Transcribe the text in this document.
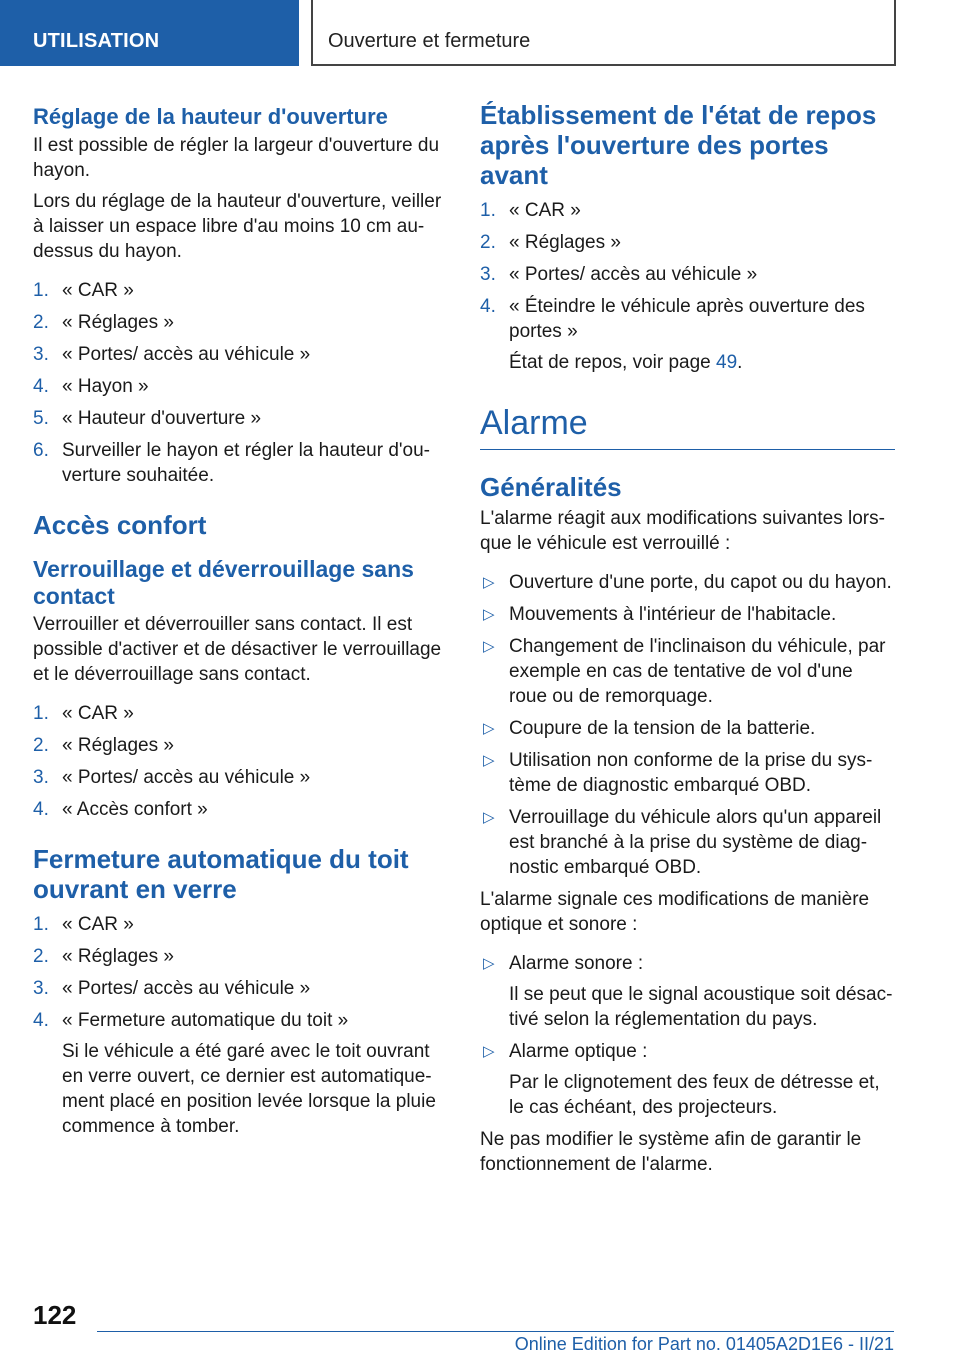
UTILISATION	Ouverture et fermeture
Réglage de la hauteur d'ouverture

Il est possible de régler la largeur d'ouverture du hayon.

Lors du réglage de la hauteur d'ouverture, veiller à laisser un espace libre d'au moins 10 cm au-dessus du hayon.

1. « CAR »
2. « Réglages »
3. « Portes/ accès au véhicule »
4. « Hayon »
5. « Hauteur d'ouverture »
6. Surveiller le hayon et régler la hauteur d'ou-verture souhaitée.
Accès confort
Verrouillage et déverrouillage sans contact

Verrouiller et déverrouiller sans contact. Il est possible d'activer et de désactiver le verrouillage et le déverrouillage sans contact.

1. « CAR »
2. « Réglages »
3. « Portes/ accès au véhicule »
4. « Accès confort »
Fermeture automatique du toit ouvrant en verre
1. « CAR »
2. « Réglages »
3. « Portes/ accès au véhicule »
4. « Fermeture automatique du toit »
Si le véhicule a été garé avec le toit ouvrant en verre ouvert, ce dernier est automatique-ment placé en position levée lorsque la pluie commence à tomber.
Établissement de l'état de repos après l'ouverture des portes avant
1. « CAR »
2. « Réglages »
3. « Portes/ accès au véhicule »
4. « Éteindre le véhicule après ouverture des portes »
État de repos, voir page 49.
Alarme
Généralités

L'alarme réagit aux modifications suivantes lors-que le véhicule est verrouillé :

▷ Ouverture d'une porte, du capot ou du hayon.
▷ Mouvements à l'intérieur de l'habitacle.
▷ Changement de l'inclinaison du véhicule, par exemple en cas de tentative de vol d'une roue ou de remorquage.
▷ Coupure de la tension de la batterie.
▷ Utilisation non conforme de la prise du sys-tème de diagnostic embarqué OBD.
▷ Verrouillage du véhicule alors qu'un appareil est branché à la prise du système de diag-nostic embarqué OBD.

L'alarme signale ces modifications de manière optique et sonore :

▷ Alarme sonore :
Il se peut que le signal acoustique soit désac-tivé selon la réglementation du pays.
▷ Alarme optique :
Par le clignotement des feux de détresse et, le cas échéant, des projecteurs.

Ne pas modifier le système afin de garantir le fonctionnement de l'alarme.

122
Online Edition for Part no. 01405A2D1E6 - II/21
